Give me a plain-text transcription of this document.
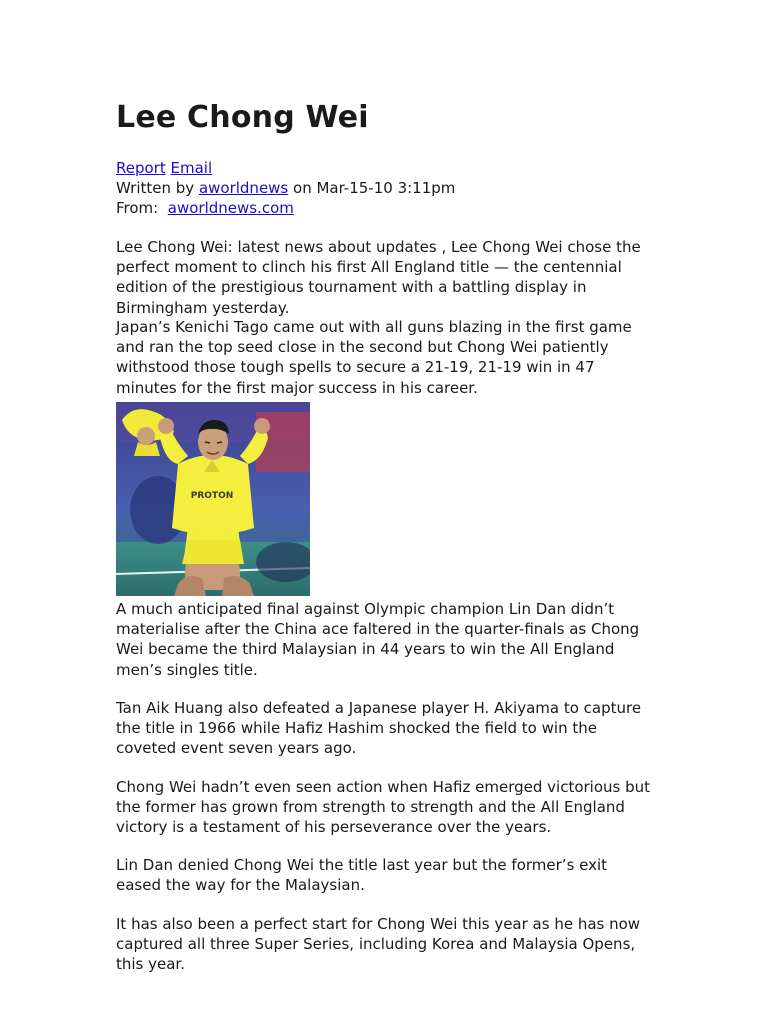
Lee Chong Wei
Report Email
Written by aworldnews on Mar-15-10 3:11pm
From:  aworldnews.com

Lee Chong Wei: latest news about updates , Lee Chong Wei chose the perfect moment to clinch his first All England title — the centennial edition of the prestigious tournament with a battling display in Birmingham yesterday.

Japan’s Kenichi Tago came out with all guns blazing in the first game and ran the top seed close in the second but Chong Wei patiently withstood those tough spells to secure a 21-19, 21-19 win in 47 minutes for the first major success in his career.

PROTON

A much anticipated final against Olympic champion Lin Dan didn’t materialise after the China ace faltered in the quarter-finals as Chong Wei became the third Malaysian in 44 years to win the All England men’s singles title.

Tan Aik Huang also defeated a Japanese player H. Akiyama to capture the title in 1966 while Hafiz Hashim shocked the field to win the coveted event seven years ago.

Chong Wei hadn’t even seen action when Hafiz emerged victorious but the former has grown from strength to strength and the All England victory is a testament of his perseverance over the years.

Lin Dan denied Chong Wei the title last year but the former’s exit eased the way for the Malaysian.

It has also been a perfect start for Chong Wei this year as he has now captured all three Super Series, including Korea and Malaysia Opens, this year.
